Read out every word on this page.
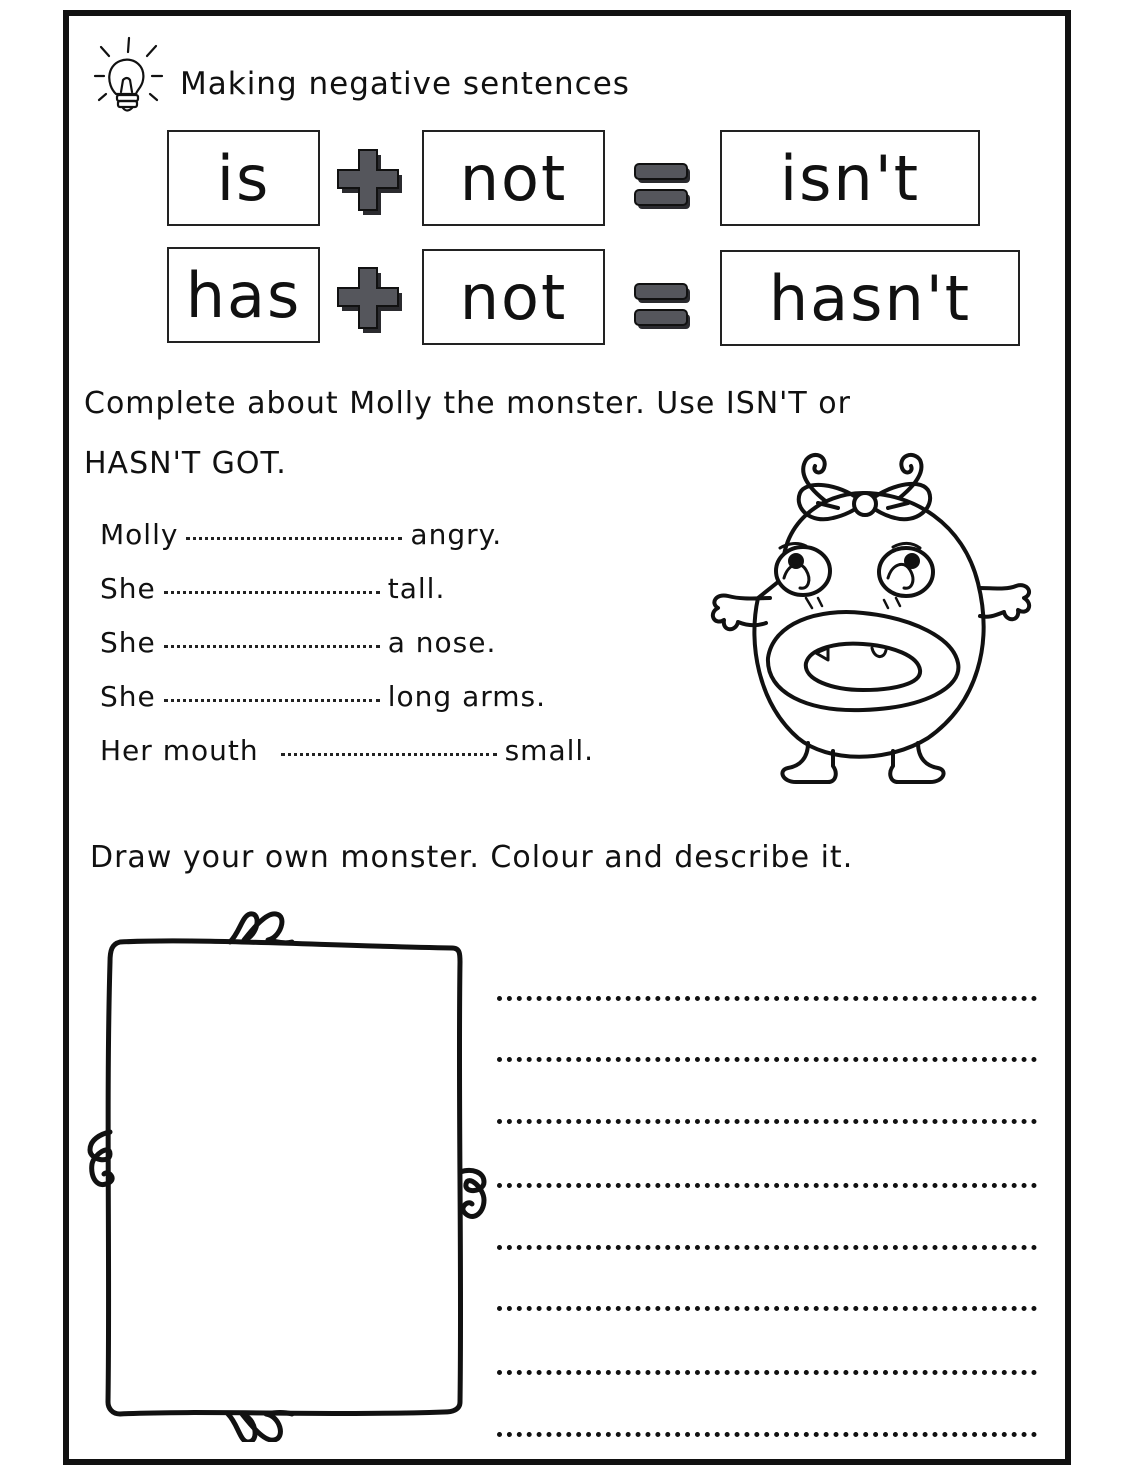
Making negative sentences
is	not	isn't
has	not	hasn't
Complete about Molly the monster. Use ISN'T or
HASN'T GOT.
Molly	angry.
She	tall.
She	a nose.
She	long arms.
Her mouth	small.
Draw your own monster. Colour and describe it.
